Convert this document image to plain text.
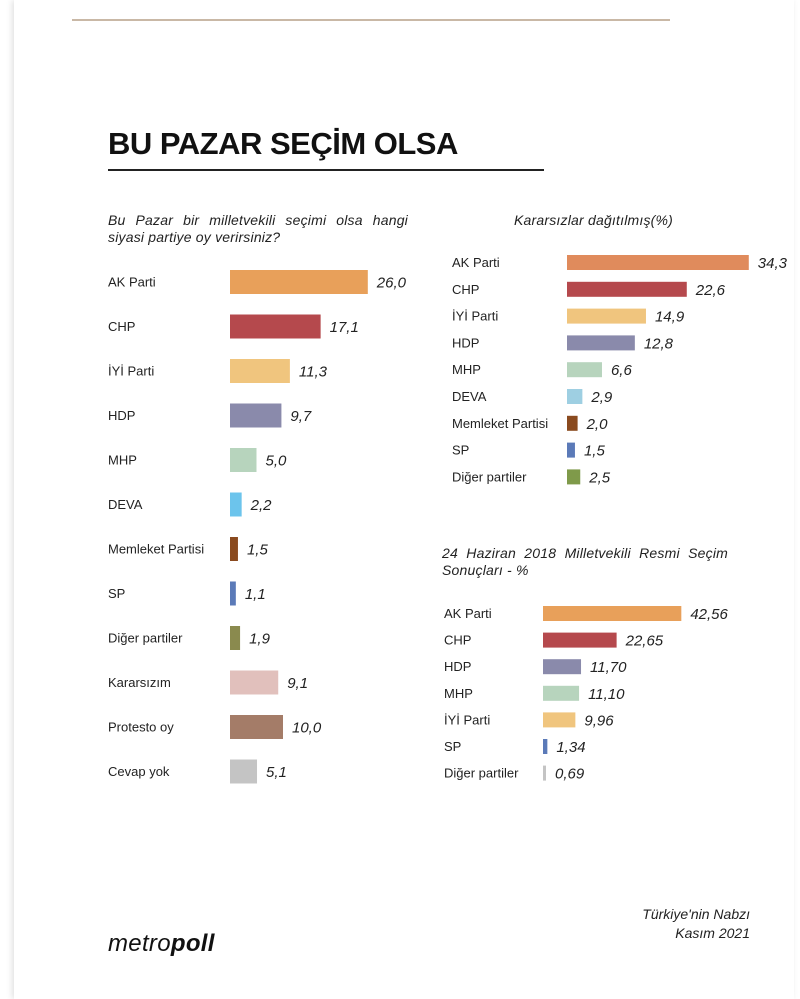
BU PAZAR SEÇİM OLSA
Bu Pazar bir milletvekili seçimi olsa hangi siyasi partiye oy verirsiniz?
Kararsızlar dağıtılmış(%)
24 Haziran 2018 Milletvekili Resmi Seçim Sonuçları - %
AK Parti	26,0
CHP	17,1
İYİ Parti	11,3
HDP	9,7
MHP	5,0
DEVA	2,2
Memleket Partisi	1,5
SP	1,1
Diğer partiler	1,9
Kararsızım	9,1
Protesto oy	10,0
Cevap yok	5,1
AK Parti	34,3
CHP	22,6
İYİ Parti	14,9
HDP	12,8
MHP	6,6
DEVA	2,9
Memleket Partisi	2,0
SP	1,5
Diğer partiler	2,5
AK Parti	42,56
CHP	22,65
HDP	11,70
MHP	11,10
İYİ Parti	9,96
SP	1,34
Diğer partiler 0,69
metropoll
Türkiye'nin Nabzı
Kasım 2021
